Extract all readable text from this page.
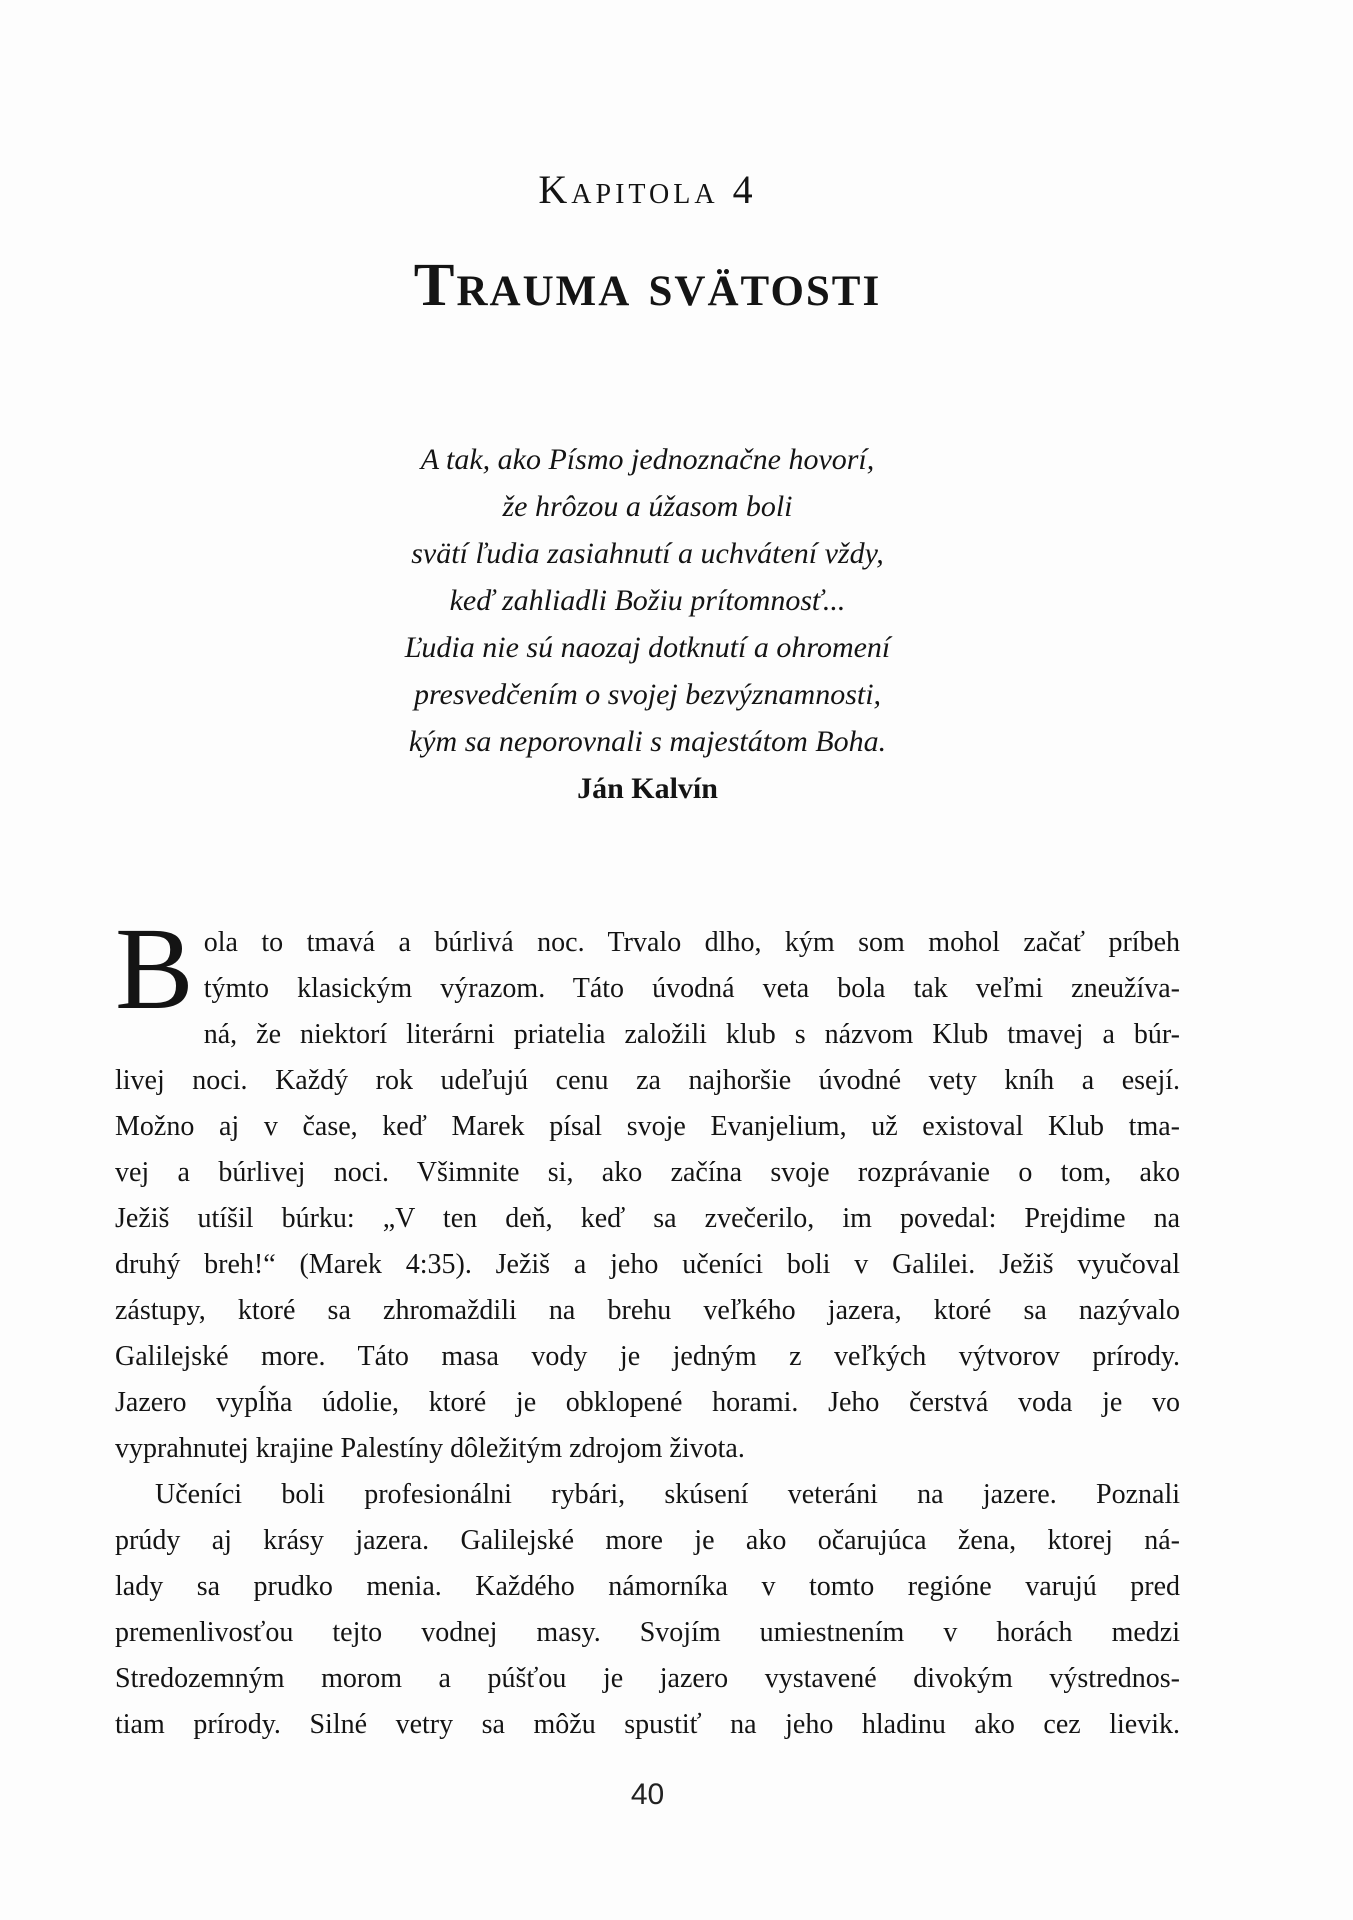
Kapitola 4
Trauma svätosti
A tak, ako Písmo jednoznačne hovorí,
že hrôzou a úžasom boli
svätí ľudia zasiahnutí a uchvátení vždy,
keď zahliadli Božiu prítomnosť...
Ľudia nie sú naozaj dotknutí a ohromení
presvedčením o svojej bezvýznamnosti,
kým sa neporovnali s majestátom Boha.
Ján Kalvín
B ola to tmavá a búrlivá noc. Trvalo dlho, kým som mohol začať príbeh
týmto klasickým výrazom. Táto úvodná veta bola tak veľmi zneužíva-
ná, že niektorí literárni priatelia založili klub s názvom Klub tmavej a búr-
livej noci. Každý rok udeľujú cenu za najhoršie úvodné vety kníh a esejí.
Možno aj v čase, keď Marek písal svoje Evanjelium, už existoval Klub tma-
vej a búrlivej noci. Všimnite si, ako začína svoje rozprávanie o tom, ako
Ježiš utíšil búrku: „V ten deň, keď sa zvečerilo, im povedal: Prejdime na
druhý breh!“ (Marek 4:35). Ježiš a jeho učeníci boli v Galilei. Ježiš vyučoval
zástupy, ktoré sa zhromaždili na brehu veľkého jazera, ktoré sa nazývalo
Galilejské more. Táto masa vody je jedným z veľkých výtvorov prírody.
Jazero vypĺňa údolie, ktoré je obklopené horami. Jeho čerstvá voda je vo
vyprahnutej krajine Palestíny dôležitým zdrojom života.
Učeníci boli profesionálni rybári, skúsení veteráni na jazere. Poznali
prúdy aj krásy jazera. Galilejské more je ako očarujúca žena, ktorej ná-
lady sa prudko menia. Každého námorníka v tomto regióne varujú pred
premenlivosťou tejto vodnej masy. Svojím umiestnením v horách medzi
Stredozemným morom a púšťou je jazero vystavené divokým výstrednos-
tiam prírody. Silné vetry sa môžu spustiť na jeho hladinu ako cez lievik.
40
